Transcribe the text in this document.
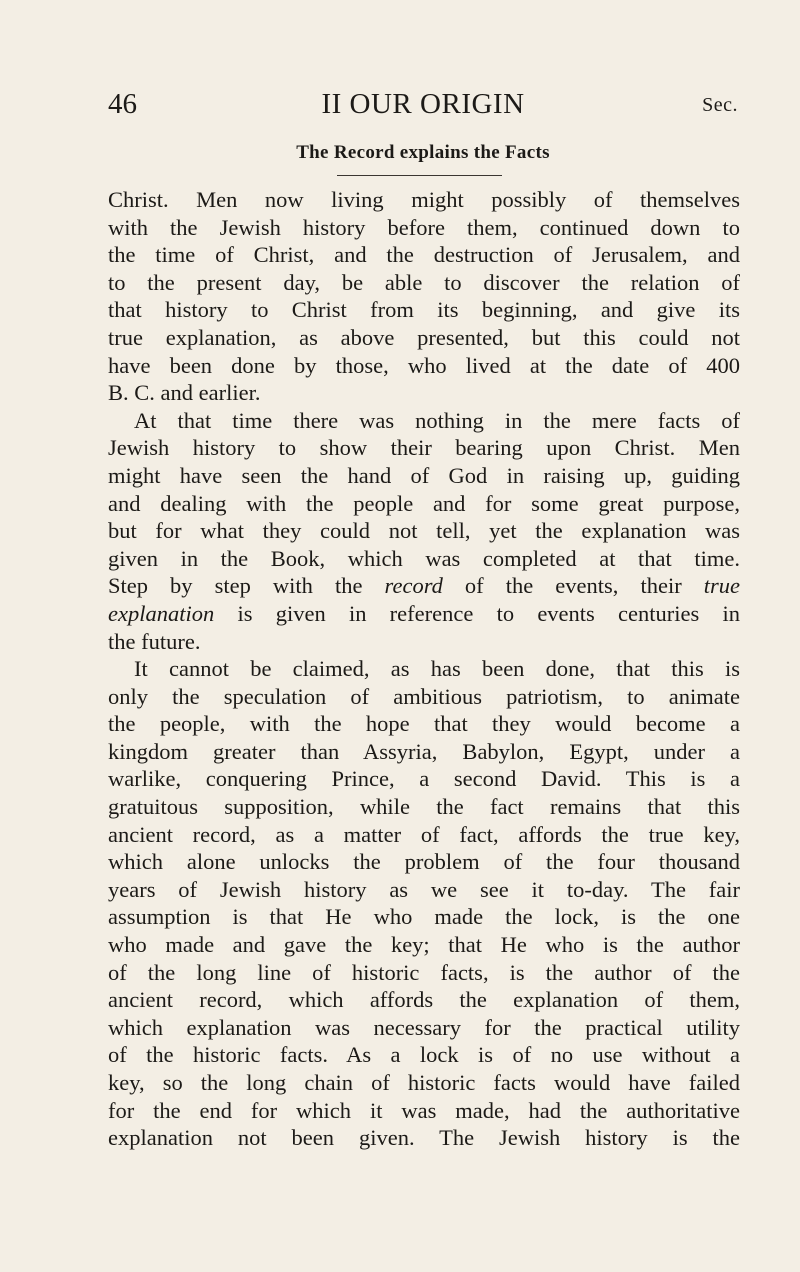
46	II OUR ORIGIN	Sec.
The Record explains the Facts
Christ. Men now living might possibly of themselves
with the Jewish history before them, continued down to
the time of Christ, and the destruction of Jerusalem, and
to the present day, be able to discover the relation of
that history to Christ from its beginning, and give its
true explanation, as above presented, but this could not
have been done by those, who lived at the date of 400
B. C. and earlier.
At that time there was nothing in the mere facts of
Jewish history to show their bearing upon Christ. Men
might have seen the hand of God in raising up, guiding
and dealing with the people and for some great purpose,
but for what they could not tell, yet the explanation was
given in the Book, which was completed at that time.
Step by step with the record of the events, their true
explanation is given in reference to events centuries in
the future.
It cannot be claimed, as has been done, that this is
only the speculation of ambitious patriotism, to animate
the people, with the hope that they would become a
kingdom greater than Assyria, Babylon, Egypt, under a
warlike, conquering Prince, a second David. This is a
gratuitous supposition, while the fact remains that this
ancient record, as a matter of fact, affords the true key,
which alone unlocks the problem of the four thousand
years of Jewish history as we see it to-day. The fair
assumption is that He who made the lock, is the one
who made and gave the key; that He who is the author
of the long line of historic facts, is the author of the
ancient record, which affords the explanation of them,
which explanation was necessary for the practical utility
of the historic facts. As a lock is of no use without a
key, so the long chain of historic facts would have failed
for the end for which it was made, had the authoritative
explanation not been given. The Jewish history is the
